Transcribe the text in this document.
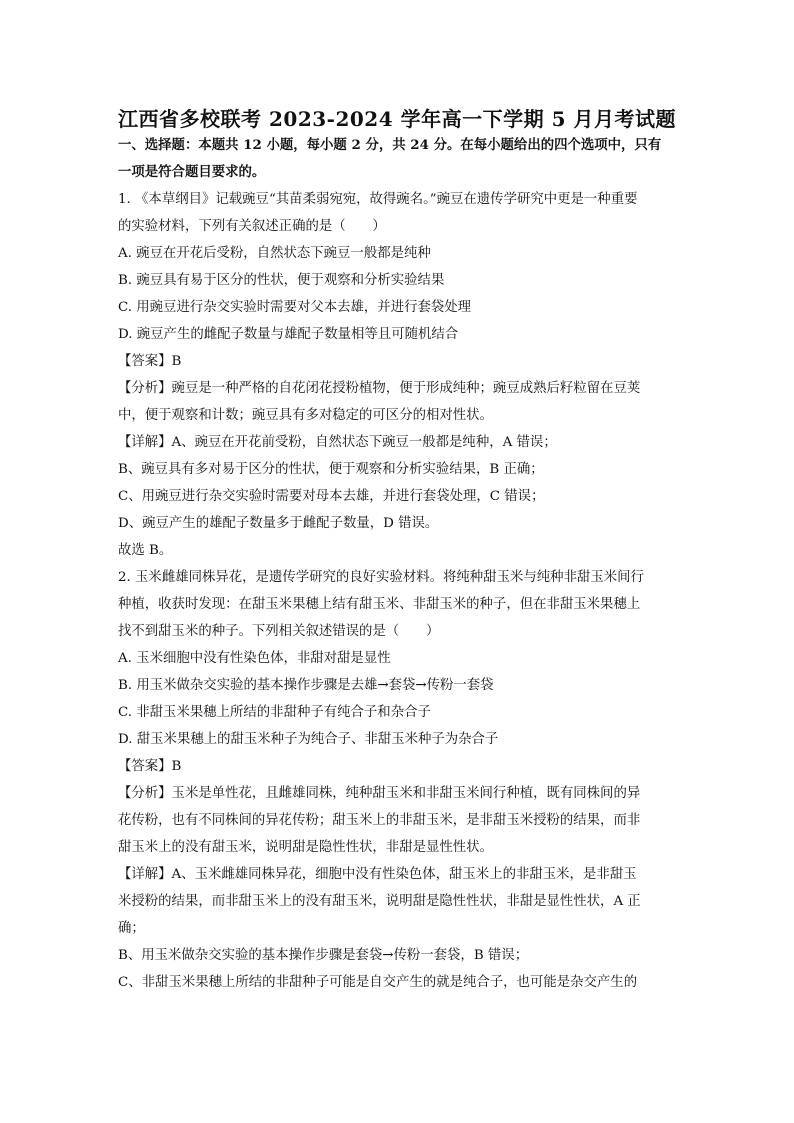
江西省多校联考 2023-2024 学年高一下学期 5 月月考试题
一、选择题：本题共 12 小题，每小题 2 分，共 24 分。在每小题给出的四个选项中，只有
一项是符合题目要求的。
1. 《本草纲目》记载豌豆“其苗柔弱宛宛，故得豌名。”豌豆在遗传学研究中更是一种重要
的实验材料，下列有关叙述正确的是（　　）
A. 豌豆在开花后受粉，自然状态下豌豆一般都是纯种
B. 豌豆具有易于区分的性状，便于观察和分析实验结果
C. 用豌豆进行杂交实验时需要对父本去雄，并进行套袋处理
D. 豌豆产生的雌配子数量与雄配子数量相等且可随机结合
【答案】B
【分析】豌豆是一种严格的自花闭花授粉植物，便于形成纯种；豌豆成熟后籽粒留在豆荚
中，便于观察和计数；豌豆具有多对稳定的可区分的相对性状。
【详解】A、豌豆在开花前受粉，自然状态下豌豆一般都是纯种，A 错误；
B、豌豆具有多对易于区分的性状，便于观察和分析实验结果，B 正确；
C、用豌豆进行杂交实验时需要对母本去雄，并进行套袋处理，C 错误；
D、豌豆产生的雄配子数量多于雌配子数量，D 错误。
故选 B。
2. 玉米雌雄同株异花，是遗传学研究的良好实验材料。将纯种甜玉米与纯种非甜玉米间行
种植，收获时发现：在甜玉米果穗上结有甜玉米、非甜玉米的种子，但在非甜玉米果穗上
找不到甜玉米的种子。下列相关叙述错误的是（　　）
A. 玉米细胞中没有性染色体，非甜对甜是显性
B. 用玉米做杂交实验的基本操作步骤是去雄→套袋→传粉一套袋
C. 非甜玉米果穗上所结的非甜种子有纯合子和杂合子
D. 甜玉米果穗上的甜玉米种子为纯合子、非甜玉米种子为杂合子
【答案】B
【分析】玉米是单性花，且雌雄同株，纯种甜玉米和非甜玉米间行种植，既有同株间的异
花传粉，也有不同株间的异花传粉；甜玉米上的非甜玉米，是非甜玉米授粉的结果，而非
甜玉米上的没有甜玉米，说明甜是隐性性状，非甜是显性性状。
【详解】A、玉米雌雄同株异花，细胞中没有性染色体，甜玉米上的非甜玉米，是非甜玉
米授粉的结果，而非甜玉米上的没有甜玉米，说明甜是隐性性状，非甜是显性性状，A 正
确；
B、用玉米做杂交实验的基本操作步骤是套袋→传粉一套袋，B 错误；
C、非甜玉米果穗上所结的非甜种子可能是自交产生的就是纯合子，也可能是杂交产生的
